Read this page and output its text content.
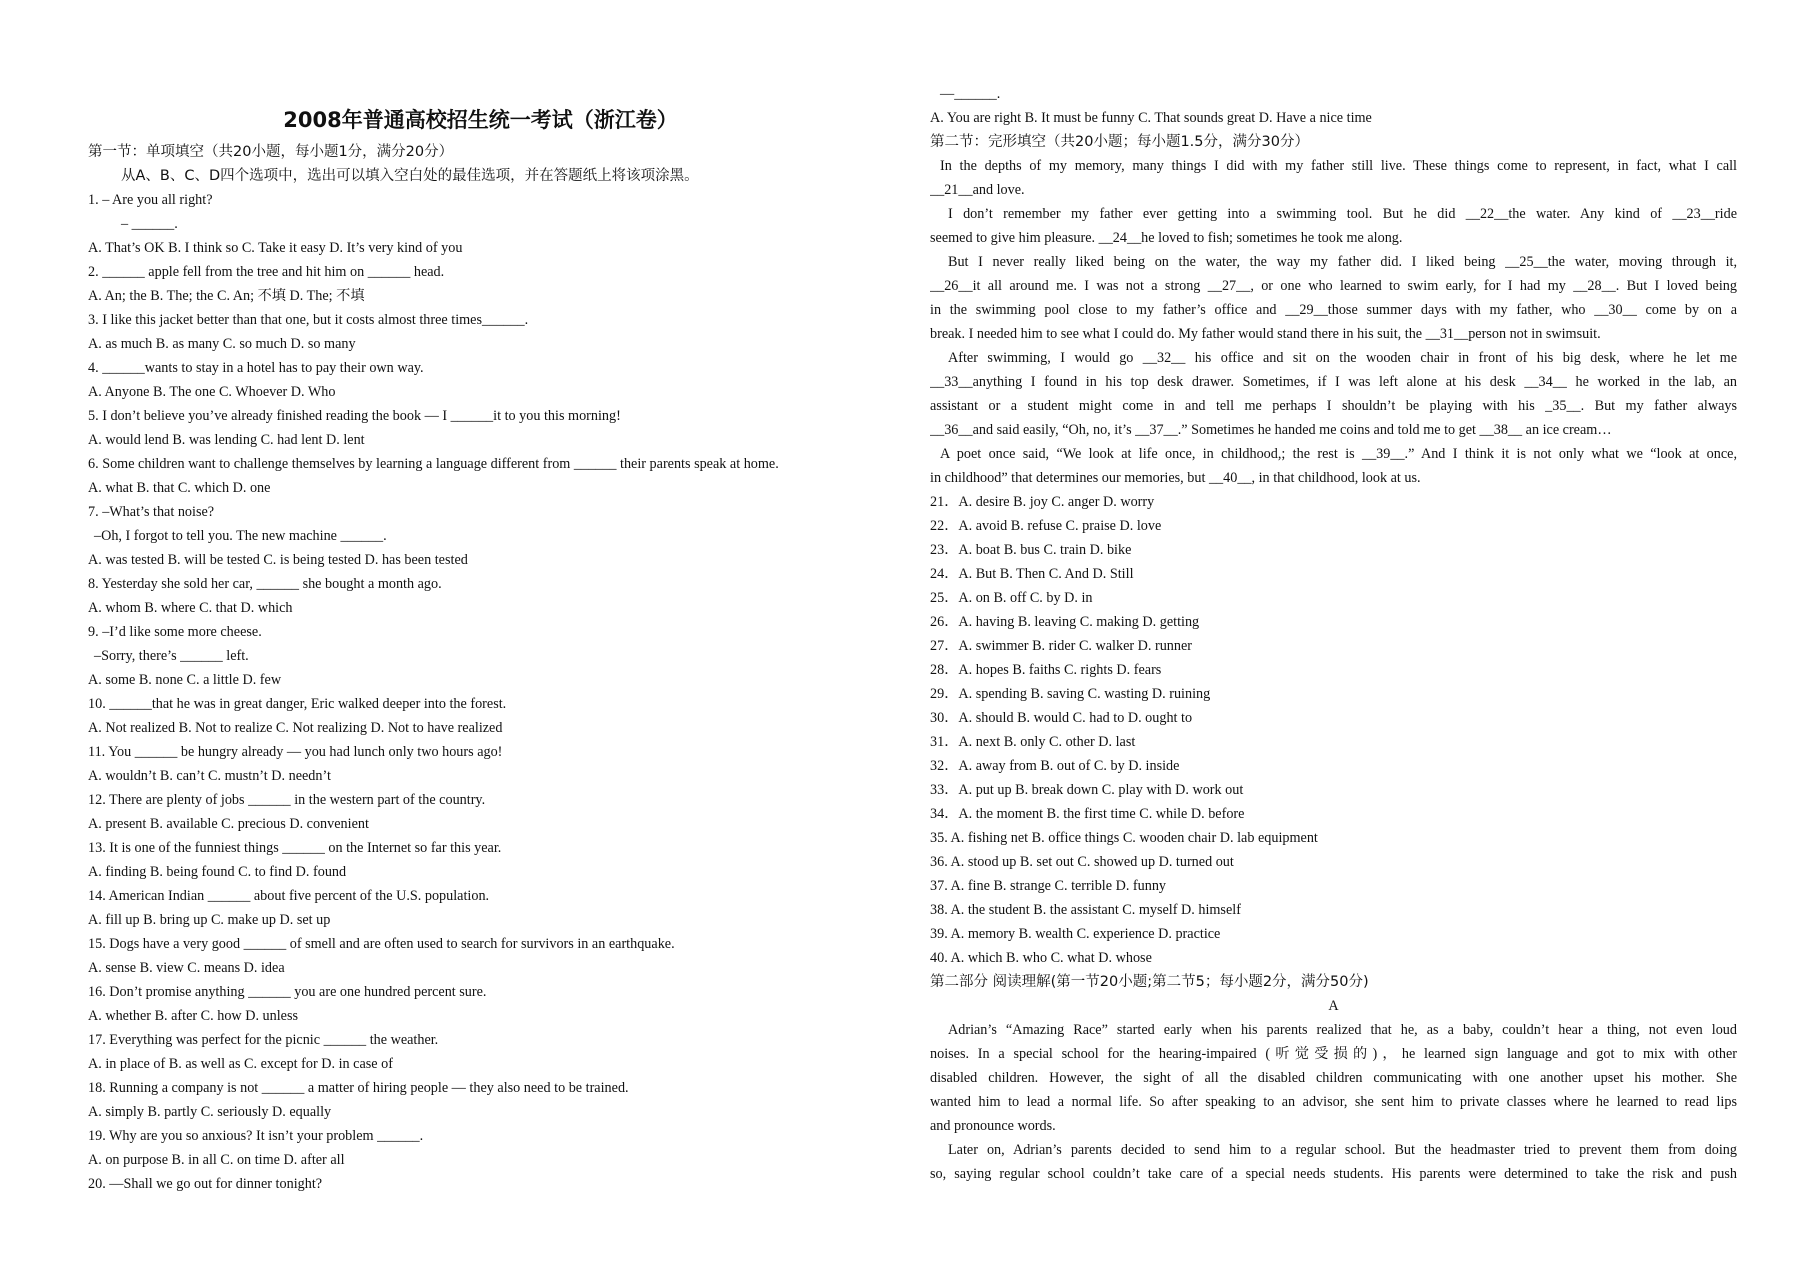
2008年普通高校招生统一考试（浙江卷）
第一节：单项填空（共20小题，每小题1分，满分20分）
从A、B、C、D四个选项中，选出可以填入空白处的最佳选项，并在答题纸上将该项涂黑。
1. – Are you all right?
– ______.
A. That’s OK B. I think so C. Take it easy D. It’s very kind of you
2. ______ apple fell from the tree and hit him on ______ head.
A. An; the B. The; the C. An; 不填 D. The; 不填
3. I like this jacket better than that one, but it costs almost three times______.
A. as much B. as many C. so much D. so many
4. ______wants to stay in a hotel has to pay their own way.
A. Anyone B. The one C. Whoever D. Who
5. I don’t believe you’ve already finished reading the book — I ______it to you this morning!
A. would lend B. was lending C. had lent D. lent
6. Some children want to challenge themselves by learning a language different from ______ their parents speak at home.
A. what B. that C. which D. one
7. –What’s that noise?
–Oh, I forgot to tell you. The new machine ______.
A. was tested B. will be tested C. is being tested D. has been tested
8. Yesterday she sold her car, ______ she bought a month ago.
A. whom B. where C. that D. which
9. –I’d like some more cheese.
–Sorry, there’s ______ left.
A. some B. none C. a little D. few
10. ______that he was in great danger, Eric walked deeper into the forest.
A. Not realized B. Not to realize C. Not realizing D. Not to have realized
11. You ______ be hungry already — you had lunch only two hours ago!
A. wouldn’t B. can’t C. mustn’t D. needn’t
12. There are plenty of jobs ______ in the western part of the country.
A. present B. available C. precious D. convenient
13. It is one of the funniest things ______ on the Internet so far this year.
A. finding B. being found C. to find D. found
14. American Indian ______ about five percent of the U.S. population.
A. fill up B. bring up C. make up D. set up
15. Dogs have a very good ______ of smell and are often used to search for survivors in an earthquake.
A. sense B. view C. means D. idea
16. Don’t promise anything ______ you are one hundred percent sure.
A. whether B. after C. how D. unless
17. Everything was perfect for the picnic ______ the weather.
A. in place of B. as well as C. except for D. in case of
18. Running a company is not ______ a matter of hiring people — they also need to be trained.
A. simply B. partly C. seriously D. equally
19. Why are you so anxious? It isn’t your problem ______.
A. on purpose B. in all C. on time D. after all
20. —Shall we go out for dinner tonight?
—______.
A. You are right B. It must be funny C. That sounds great D. Have a nice time
第二节：完形填空（共20小题；每小题1.5分，满分30分）
In the depths of my memory, many things I did with my father still live. These things come to represent, in fact, what I call
__21__and love.
I don’t remember my father ever getting into a swimming tool. But he did __22__the water. Any kind of __23__ride
seemed to give him pleasure. __24__he loved to fish; sometimes he took me along.
But I never really liked being on the water, the way my father did. I liked being __25__the water, moving through it,
__26__it all around me. I was not a strong __27__, or one who learned to swim early, for I had my __28__. But I loved being
in the swimming pool close to my father’s office and __29__those summer days with my father, who __30__ come by on a
break. I needed him to see what I could do. My father would stand there in his suit, the __31__person not in swimsuit.
After swimming, I would go __32__ his office and sit on the wooden chair in front of his big desk, where he let me
__33__anything I found in his top desk drawer. Sometimes, if I was left alone at his desk __34__ he worked in the lab, an
assistant or a student might come in and tell me perhaps I shouldn’t be playing with his _35__. But my father always
__36__and said easily, “Oh, no, it’s __37__.” Sometimes he handed me coins and told me to get __38__ an ice cream…
A poet once said, “We look at life once, in childhood,; the rest is __39__.” And I think it is not only what we “look at once,
in childhood” that determines our memories, but __40__, in that childhood, look at us.
21．A. desire B. joy C. anger D. worry
22．A. avoid B. refuse C. praise D. love
23．A. boat B. bus C. train D. bike
24．A. But B. Then C. And D. Still
25．A. on B. off C. by D. in
26．A. having B. leaving C. making D. getting
27．A. swimmer B. rider C. walker D. runner
28．A. hopes B. faiths C. rights D. fears
29．A. spending B. saving C. wasting D. ruining
30．A. should B. would C. had to D. ought to
31．A. next B. only C. other D. last
32．A. away from B. out of C. by D. inside
33．A. put up B. break down C. play with D. work out
34．A. the moment B. the first time C. while D. before
35. A. fishing net B. office things C. wooden chair D. lab equipment
36. A. stood up B. set out C. showed up D. turned out
37. A. fine B. strange C. terrible D. funny
38. A. the student B. the assistant C. myself D. himself
39. A. memory B. wealth C. experience D. practice
40. A. which B. who C. what D. whose
第二部分 阅读理解(第一节20小题;第二节5；每小题2分，满分50分)
A
Adrian’s “Amazing Race” started early when his parents realized that he, as a baby, couldn’t hear a thing, not even loud
noises. In a special school for the hearing-impaired (听觉受损的)，he learned sign language and got to mix with other
disabled children. However, the sight of all the disabled children communicating with one another upset his mother. She
wanted him to lead a normal life. So after speaking to an advisor, she sent him to private classes where he learned to read lips
and pronounce words.
Later on, Adrian’s parents decided to send him to a regular school. But the headmaster tried to prevent them from doing
so, saying regular school couldn’t take care of a special needs students. His parents were determined to take the risk and push
